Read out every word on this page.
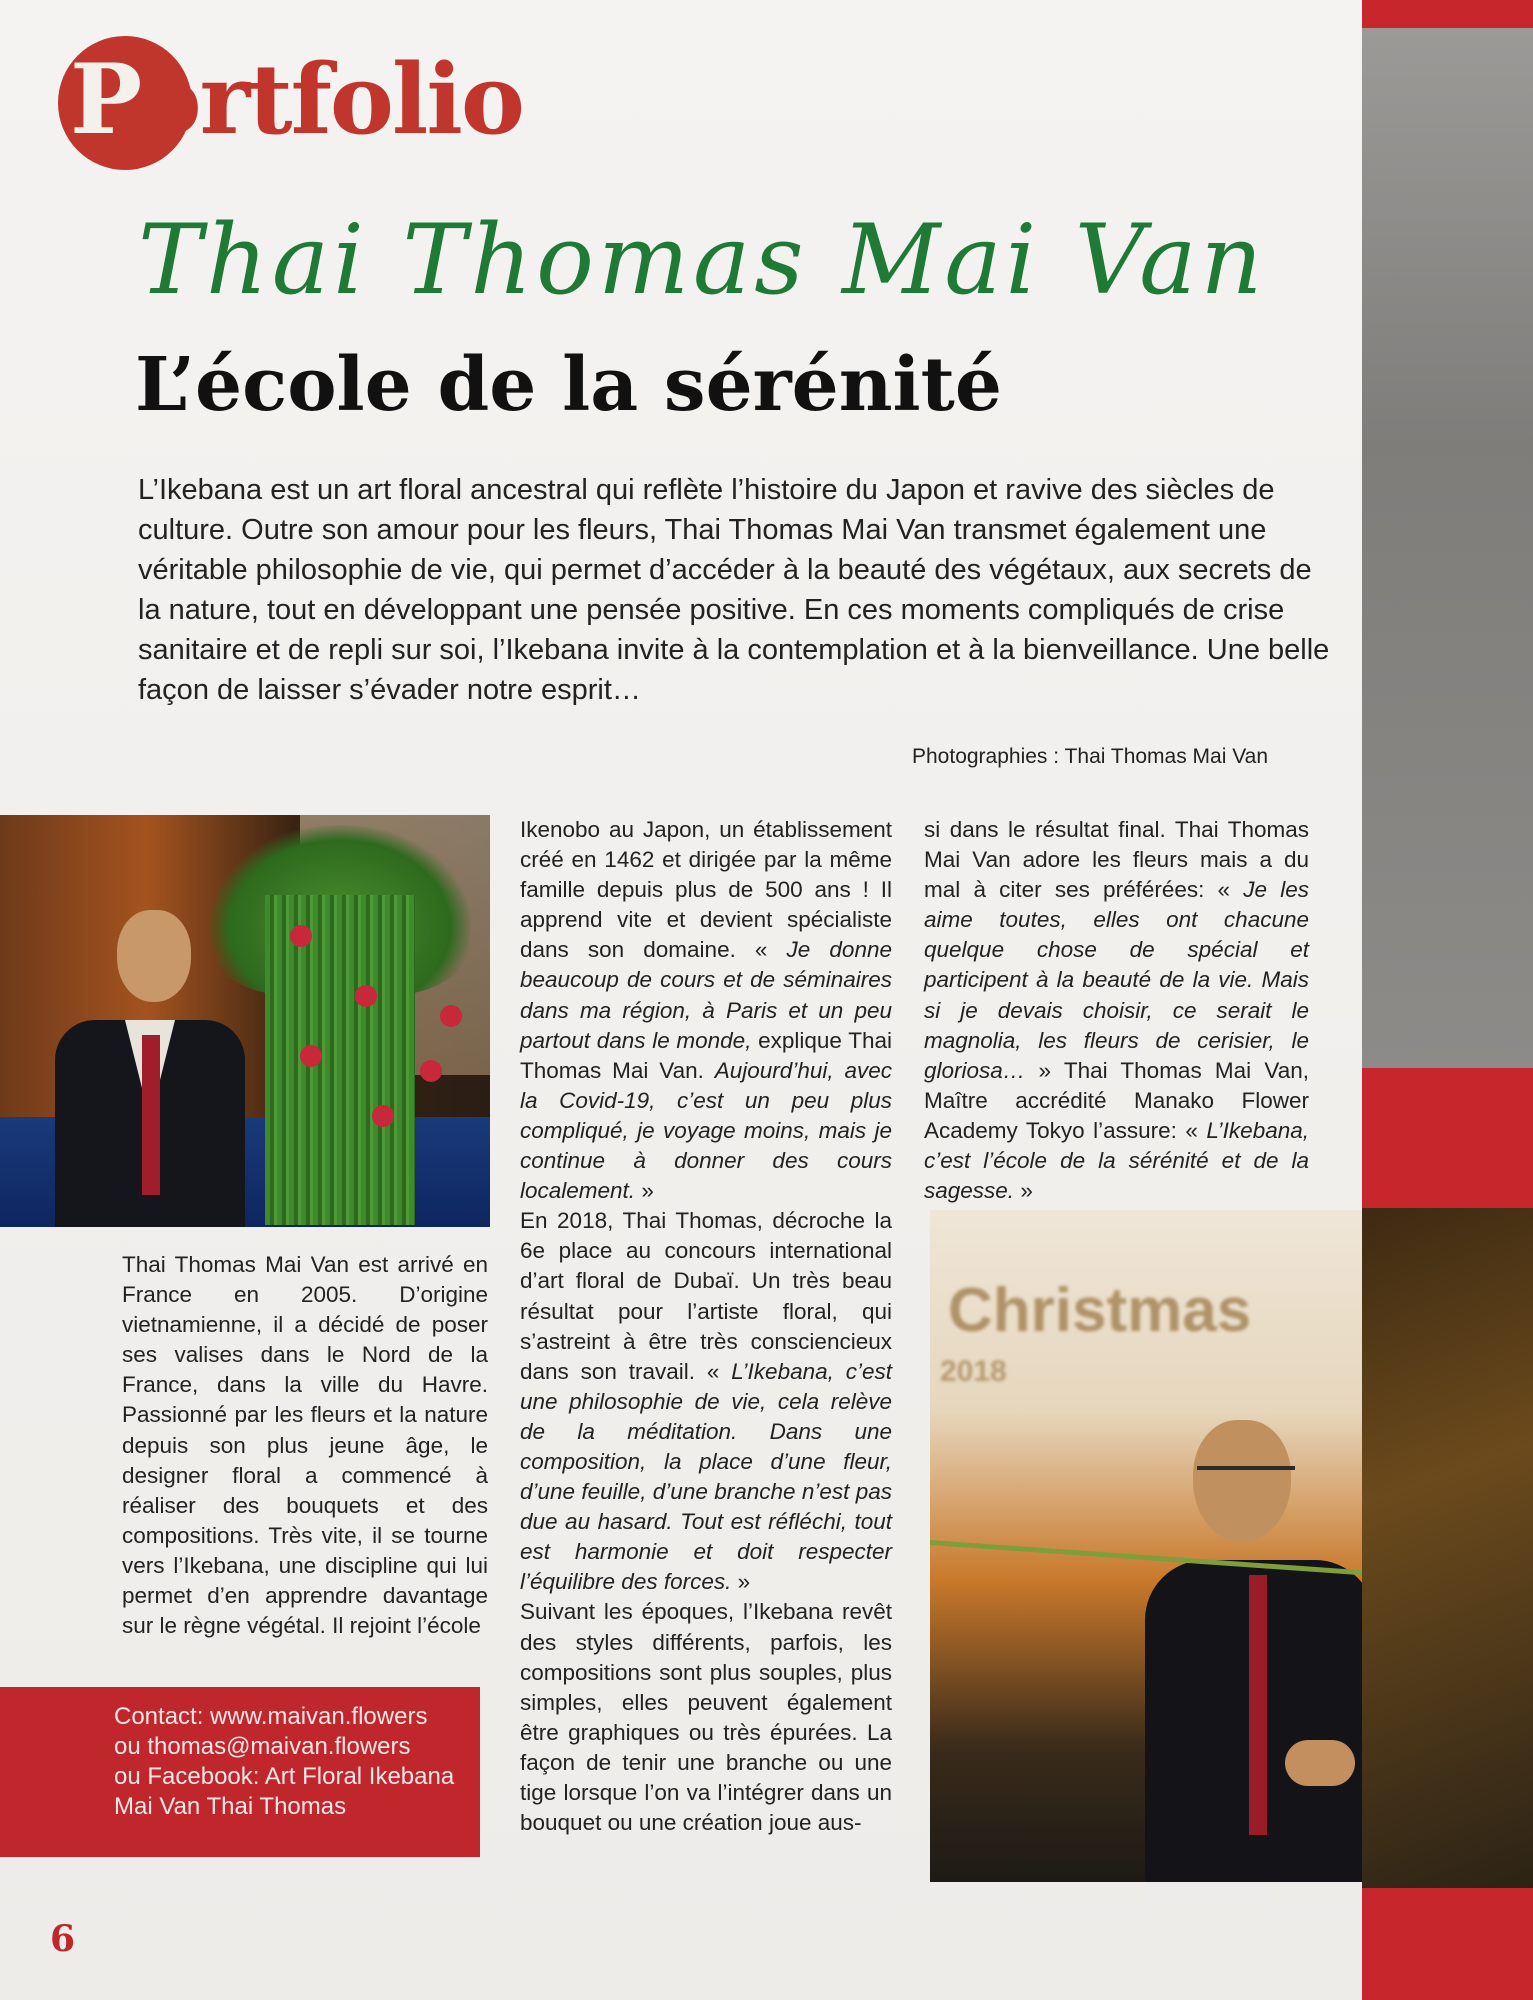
Portfolio
Thai Thomas Mai Van
L’école de la sérénité
L’Ikebana est un art floral ancestral qui reflète l’histoire du Japon et ravive des siècles de culture. Outre son amour pour les fleurs, Thai Thomas Mai Van transmet également une véritable philosophie de vie, qui permet d’accéder à la beauté des végétaux, aux secrets de la nature, tout en développant une pensée positive. En ces moments compliqués de crise sanitaire et de repli sur soi, l’Ikebana invite à la contemplation et à la bienveillance. Une belle façon de laisser s’évader notre esprit…
Photographies : Thai Thomas Mai Van

Thai Thomas Mai Van est arrivé en France en 2005. D’origine vietnamienne, il a décidé de poser ses valises dans le Nord de la France, dans la ville du Havre. Passionné par les fleurs et la nature depuis son plus jeune âge, le designer floral a commencé à réaliser des bouquets et des compositions. Très vite, il se tourne vers l’Ikebana, une discipline qui lui permet d’en apprendre davantage sur le règne végétal. Il rejoint l’école

Ikenobo au Japon, un établissement créé en 1462 et dirigée par la même famille depuis plus de 500 ans ! Il apprend vite et devient spécialiste dans son domaine. « Je donne beaucoup de cours et de séminaires dans ma région, à Paris et un peu partout dans le monde, explique Thai Thomas Mai Van. Aujourd’hui, avec la Covid-19, c’est un peu plus compliqué, je voyage moins, mais je continue à donner des cours localement. »

En 2018, Thai Thomas, décroche la 6e place au concours international d’art floral de Dubaï. Un très beau résultat pour l’artiste floral, qui s’astreint à être très consciencieux dans son travail. « L’Ikebana, c’est une philosophie de vie, cela relève de la méditation. Dans une composition, la place d’une fleur, d’une feuille, d’une branche n’est pas due au hasard. Tout est réfléchi, tout est harmonie et doit respecter l’équilibre des forces. »

Suivant les époques, l’Ikebana revêt des styles différents, parfois, les compositions sont plus souples, plus simples, elles peuvent également être graphiques ou très épurées. La façon de tenir une branche ou une tige lorsque l’on va l’intégrer dans un bouquet ou une création joue aus-

si dans le résultat final. Thai Thomas Mai Van adore les fleurs mais a du mal à citer ses préférées: « Je les aime toutes, elles ont chacune quelque chose de spécial et participent à la beauté de la vie. Mais si je devais choisir, ce serait le magnolia, les fleurs de cerisier, le gloriosa… » Thai Thomas Mai Van, Maître accrédité Manako Flower Academy Tokyo l’assure: « L’Ikebana, c’est l’école de la sérénité et de la sagesse. »

Christmas
2018
Contact: www.maivan.flowers
ou thomas@maivan.flowers
ou Facebook: Art Floral Ikebana
Mai Van Thai Thomas
6
